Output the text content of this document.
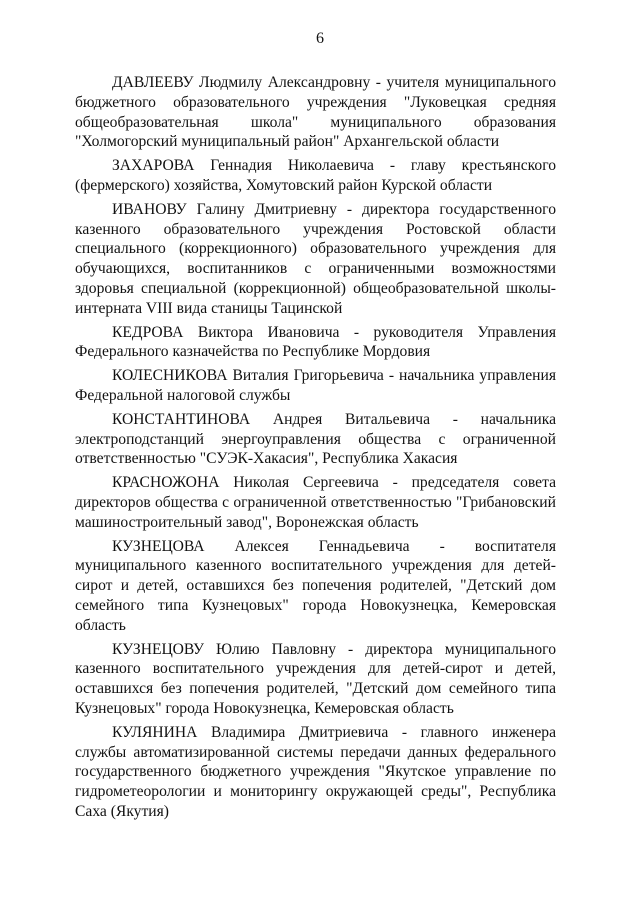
6

ДАВЛЕЕВУ Людмилу Александровну - учителя муниципального бюджетного образовательного учреждения "Луковецкая средняя общеобразовательная школа" муниципального образования "Холмогорский муниципальный район" Архангельской области

ЗАХАРОВА Геннадия Николаевича - главу крестьянского (фермерского) хозяйства, Хомутовский район Курской области

ИВАНОВУ Галину Дмитриевну - директора государственного казенного образовательного учреждения Ростовской области специального (коррекционного) образовательного учреждения для обучающихся, воспитанников с ограниченными возможностями здоровья специальной (коррекционной) общеобразовательной школы-интерната VIII вида станицы Тацинской

КЕДРОВА Виктора Ивановича - руководителя Управления Федерального казначейства по Республике Мордовия

КОЛЕСНИКОВА Виталия Григорьевича - начальника управления Федеральной налоговой службы

КОНСТАНТИНОВА Андрея Витальевича - начальника электроподстанций энергоуправления общества с ограниченной ответственностью "СУЭК-Хакасия", Республика Хакасия

КРАСНОЖОНА Николая Сергеевича - председателя совета директоров общества с ограниченной ответственностью "Грибановский машиностроительный завод", Воронежская область

КУЗНЕЦОВА Алексея Геннадьевича - воспитателя муниципального казенного воспитательного учреждения для детей-сирот и детей, оставшихся без попечения родителей, "Детский дом семейного типа Кузнецовых" города Новокузнецка, Кемеровская область

КУЗНЕЦОВУ Юлию Павловну - директора муниципального казенного воспитательного учреждения для детей-сирот и детей, оставшихся без попечения родителей, "Детский дом семейного типа Кузнецовых" города Новокузнецка, Кемеровская область

КУЛЯНИНА Владимира Дмитриевича - главного инженера службы автоматизированной системы передачи данных федерального государственного бюджетного учреждения "Якутское управление по гидрометеорологии и мониторингу окружающей среды", Республика Саха (Якутия)
